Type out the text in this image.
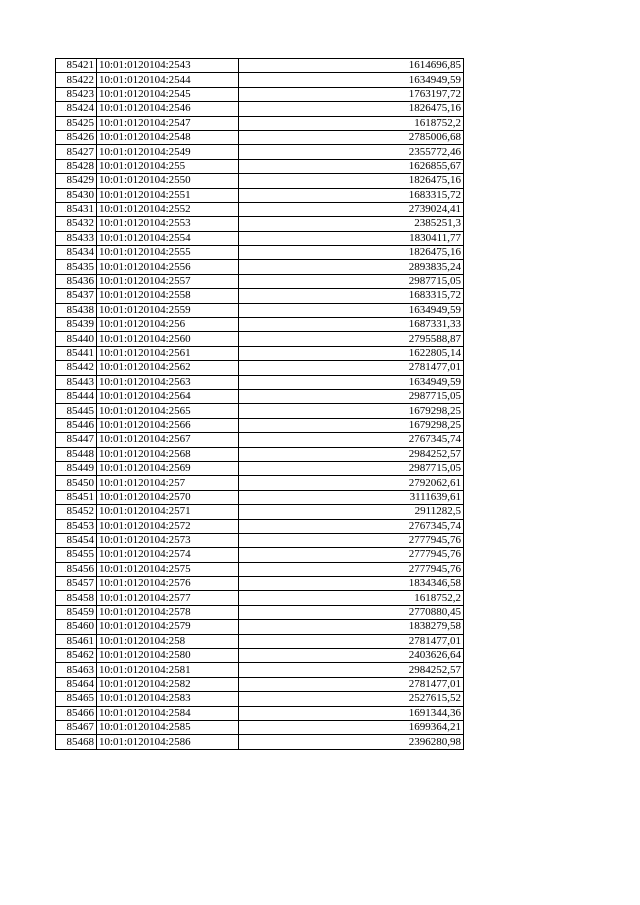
85421	10:01:0120104:2543	1614696,85
85422	10:01:0120104:2544	1634949,59
85423	10:01:0120104:2545	1763197,72
85424	10:01:0120104:2546	1826475,16
85425	10:01:0120104:2547	1618752,2
85426	10:01:0120104:2548	2785006,68
85427	10:01:0120104:2549	2355772,46
85428	10:01:0120104:255	1626855,67
85429	10:01:0120104:2550	1826475,16
85430	10:01:0120104:2551	1683315,72
85431	10:01:0120104:2552	2739024,41
85432	10:01:0120104:2553	2385251,3
85433	10:01:0120104:2554	1830411,77
85434	10:01:0120104:2555	1826475,16
85435	10:01:0120104:2556	2893835,24
85436	10:01:0120104:2557	2987715,05
85437	10:01:0120104:2558	1683315,72
85438	10:01:0120104:2559	1634949,59
85439	10:01:0120104:256	1687331,33
85440	10:01:0120104:2560	2795588,87
85441	10:01:0120104:2561	1622805,14
85442	10:01:0120104:2562	2781477,01
85443	10:01:0120104:2563	1634949,59
85444	10:01:0120104:2564	2987715,05
85445	10:01:0120104:2565	1679298,25
85446	10:01:0120104:2566	1679298,25
85447	10:01:0120104:2567	2767345,74
85448	10:01:0120104:2568	2984252,57
85449	10:01:0120104:2569	2987715,05
85450	10:01:0120104:257	2792062,61
85451	10:01:0120104:2570	3111639,61
85452	10:01:0120104:2571	2911282,5
85453	10:01:0120104:2572	2767345,74
85454	10:01:0120104:2573	2777945,76
85455	10:01:0120104:2574	2777945,76
85456	10:01:0120104:2575	2777945,76
85457	10:01:0120104:2576	1834346,58
85458	10:01:0120104:2577	1618752,2
85459	10:01:0120104:2578	2770880,45
85460	10:01:0120104:2579	1838279,58
85461	10:01:0120104:258	2781477,01
85462	10:01:0120104:2580	2403626,64
85463	10:01:0120104:2581	2984252,57
85464	10:01:0120104:2582	2781477,01
85465	10:01:0120104:2583	2527615,52
85466	10:01:0120104:2584	1691344,36
85467	10:01:0120104:2585	1699364,21
85468	10:01:0120104:2586	2396280,98
